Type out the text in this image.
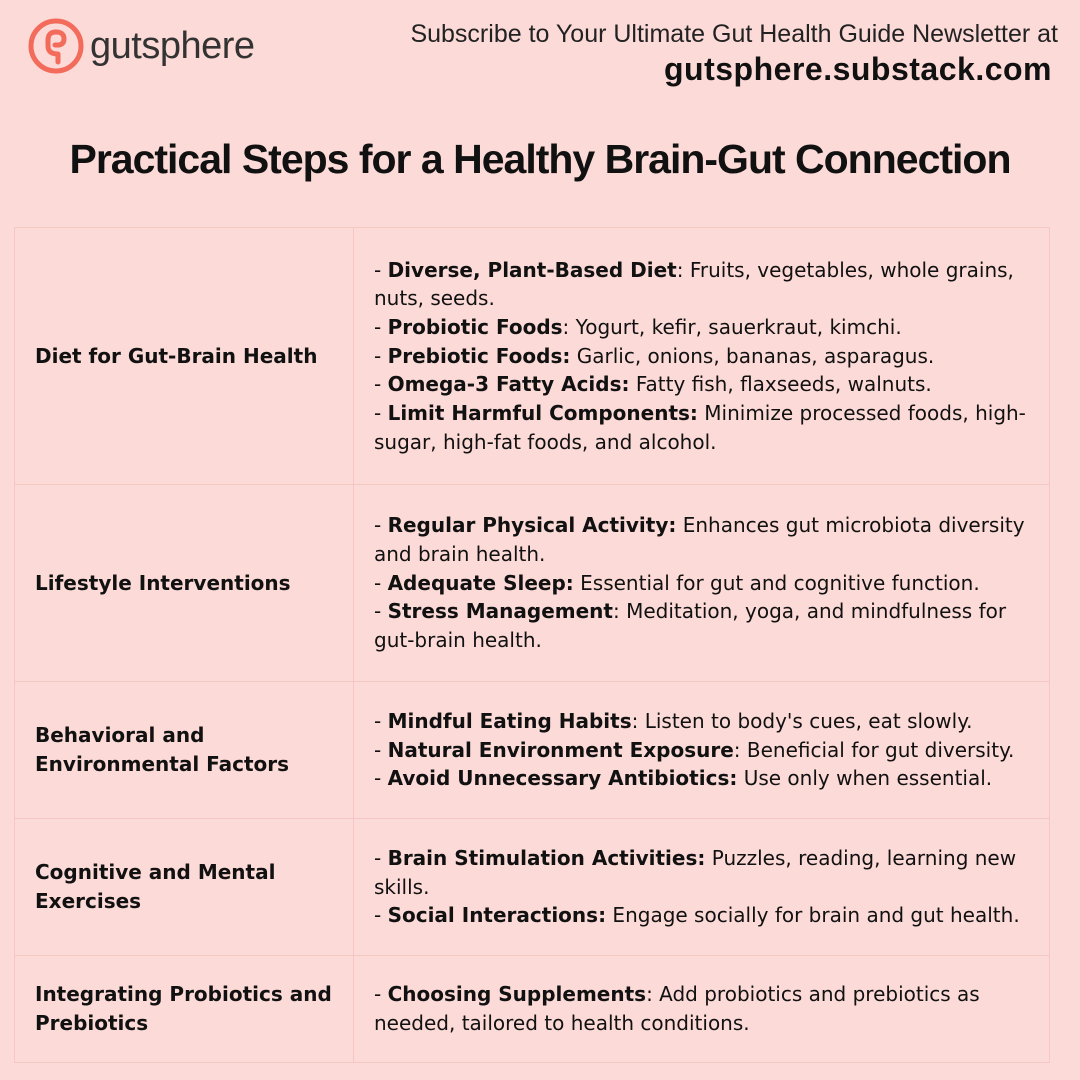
gutsphere	Subscribe to Your Ultimate Gut Health Guide Newsletter at
gutsphere.substack.com
Practical Steps for a Healthy Brain-Gut Connection
Diet for Gut-Brain Health	- Diverse, Plant-Based Diet: Fruits, vegetables, whole grains, nuts, seeds.
- Probiotic Foods: Yogurt, kefir, sauerkraut, kimchi.
- Prebiotic Foods: Garlic, onions, bananas, asparagus.
- Omega-3 Fatty Acids: Fatty fish, flaxseeds, walnuts.
- Limit Harmful Components: Minimize processed foods, high-sugar, high-fat foods, and alcohol.

Lifestyle Interventions	- Regular Physical Activity: Enhances gut microbiota diversity and brain health.
- Adequate Sleep: Essential for gut and cognitive function.
- Stress Management: Meditation, yoga, and mindfulness for gut-brain health.

Behavioral and Environmental Factors	- Mindful Eating Habits: Listen to body's cues, eat slowly.
- Natural Environment Exposure: Beneficial for gut diversity.
- Avoid Unnecessary Antibiotics: Use only when essential.

Cognitive and Mental Exercises	- Brain Stimulation Activities: Puzzles, reading, learning new skills.
- Social Interactions: Engage socially for brain and gut health.

Integrating Probiotics and Prebiotics	- Choosing Supplements: Add probiotics and prebiotics as needed, tailored to health conditions.
